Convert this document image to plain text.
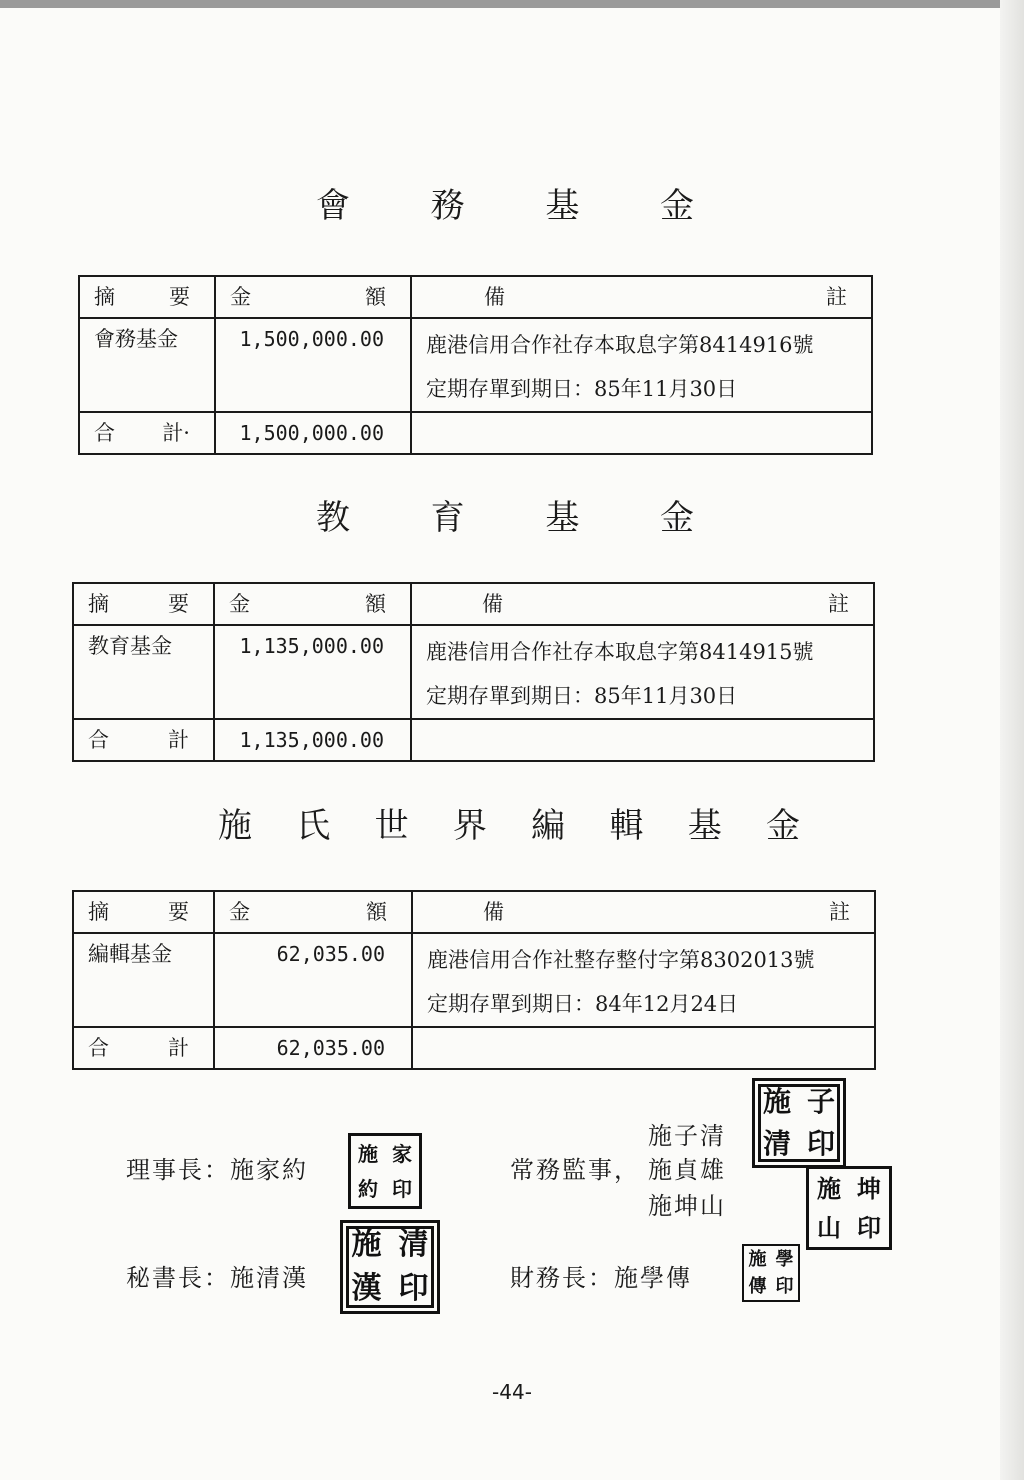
會 務 基 金
摘 要	金 額	備 註

會務基金	1,500,000.00	鹿港信用合作社存本取息字第8414916號
定期存單到期日：85年11月30日

合 計·	1,500,000.00	
教 育 基 金
摘 要	金 額	備 註

教育基金	1,135,000.00	鹿港信用合作社存本取息字第8414915號
定期存單到期日：85年11月30日

合 計	1,135,000.00	
施 氏 世 界 編 輯 基 金
摘 要	金 額	備 註

編輯基金	62,035.00	鹿港信用合作社整存整付字第8302013號
定期存單到期日：84年12月24日

合 計	62,035.00	
理事長：施家約
施 家
約 印
秘書長：施清漢
施 清
漢 印
常務監事，
施子清
施貞雄
施坤山
施 子
清 印
施 坤
山 印
財務長：施學傳
施 學
傳 印
-44-
